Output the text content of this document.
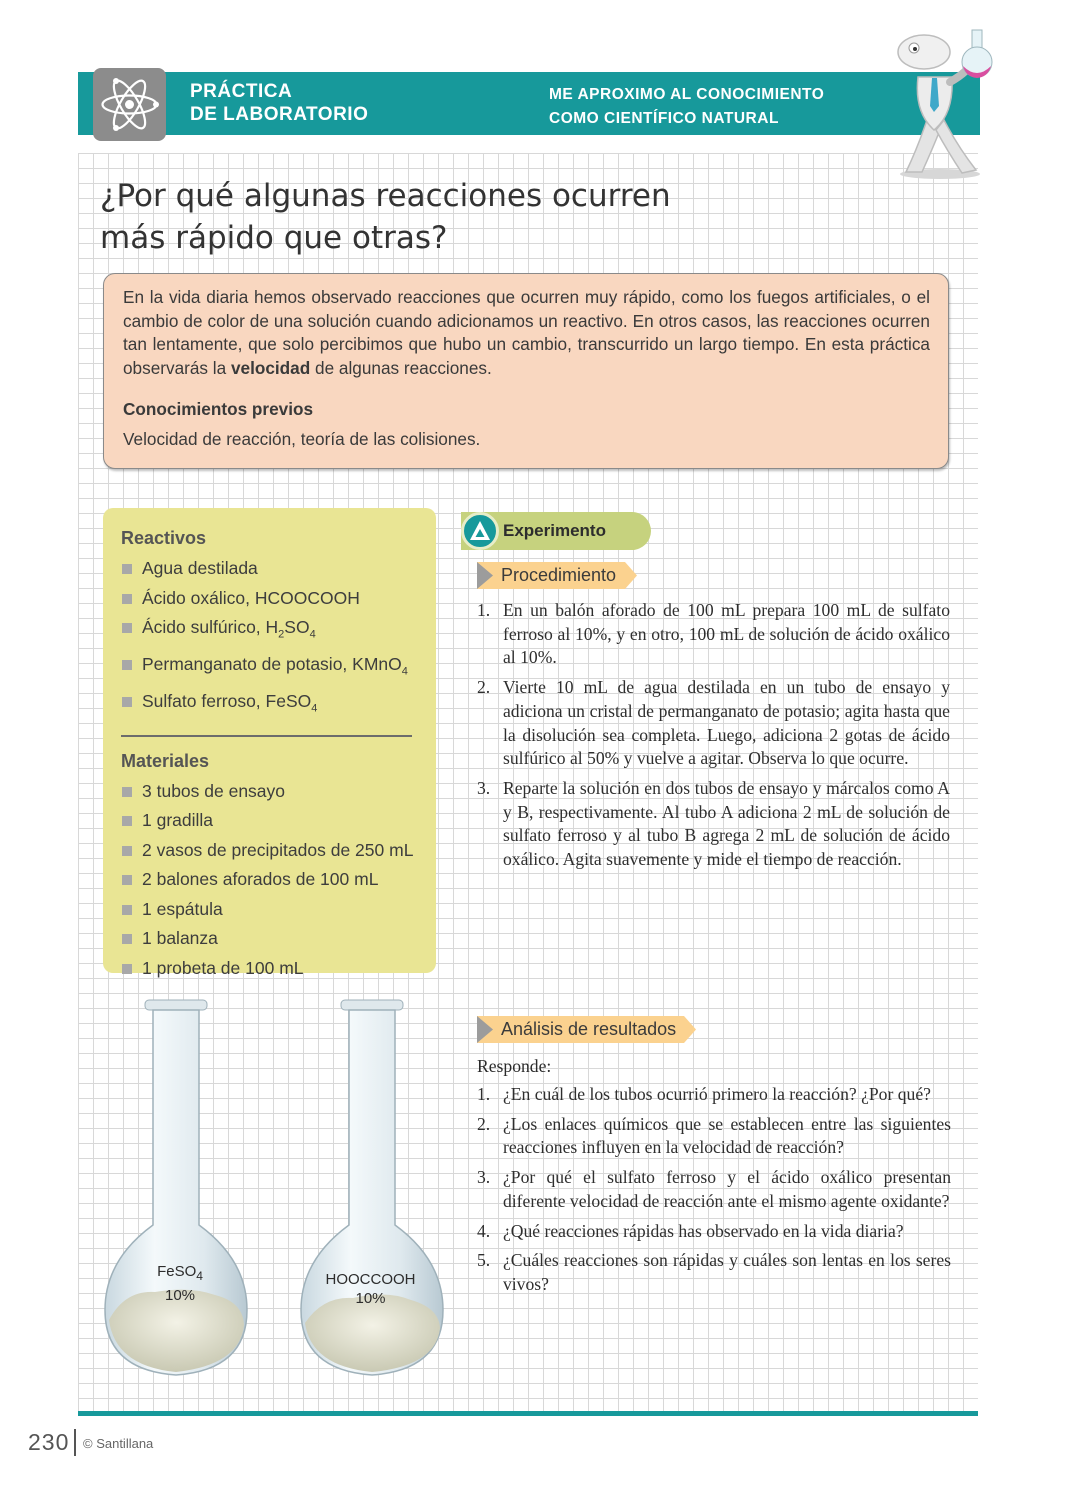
PRÁCTICA
DE LABORATORIO
ME APROXIMO AL CONOCIMIENTO
COMO CIENTÍFICO NATURAL
¿Por qué algunas reacciones ocurren
más rápido que otras?
En la vida diaria hemos observado reacciones que ocurren muy rápido, como los fuegos artificiales, o el cambio de color de una solución cuando adicionamos un reactivo. En otros casos, las reacciones ocurren tan lentamente, que solo percibimos que hubo un cambio, transcurrido un largo tiempo. En esta práctica observarás la velocidad de algunas reacciones.
Conocimientos previos
Velocidad de reacción, teoría de las colisiones.
Reactivos
Agua destilada
Ácido oxálico, HCOOCOOH
Ácido sulfúrico, $H_2SO_4$
Permanganato de potasio, KMnO$_4$
Sulfato ferroso, FeSO$_4$
Materiales
3 tubos de ensayo
1 gradilla
2 vasos de precipitados de 250 mL
2 balones aforados de 100 mL
1 espátula
1 balanza
1 probeta de 100 mL
Experimento
Procedimiento
1. En un balón aforado de 100 mL prepara 100 mL de sulfato ferroso al 10%, y en otro, 100 mL de solución de ácido oxálico al 10%.
2. Vierte 10 mL de agua destilada en un tubo de ensayo y adiciona un cristal de permanganato de potasio; agita hasta que la disolución sea completa. Luego, adiciona 2 gotas de ácido sulfúrico al 50% y vuelve a agitar. Observa lo que ocurre.
3. Reparte la solución en dos tubos de ensayo y márcalos como A y B, respectivamente. Al tubo A adiciona 2 mL de solución de sulfato ferroso y al tubo B agrega 2 mL de solución de ácido oxálico. Agita suavemente y mide el tiempo de reacción.
Análisis de resultados
Responde:
1. ¿En cuál de los tubos ocurrió primero la reacción? ¿Por qué?
2. ¿Los enlaces químicos que se establecen entre las siguientes reacciones influyen en la velocidad de reacción?
3. ¿Por qué el sulfato ferroso y el ácido oxálico presentan diferente velocidad de reacción ante el mismo agente oxidante?
4. ¿Qué reacciones rápidas has observado en la vida diaria?
5. ¿Cuáles reacciones son rápidas y cuáles son lentas en los seres vivos?
FeSO$_4$
10%
HOOCCOOH
10%
230 © Santillana
